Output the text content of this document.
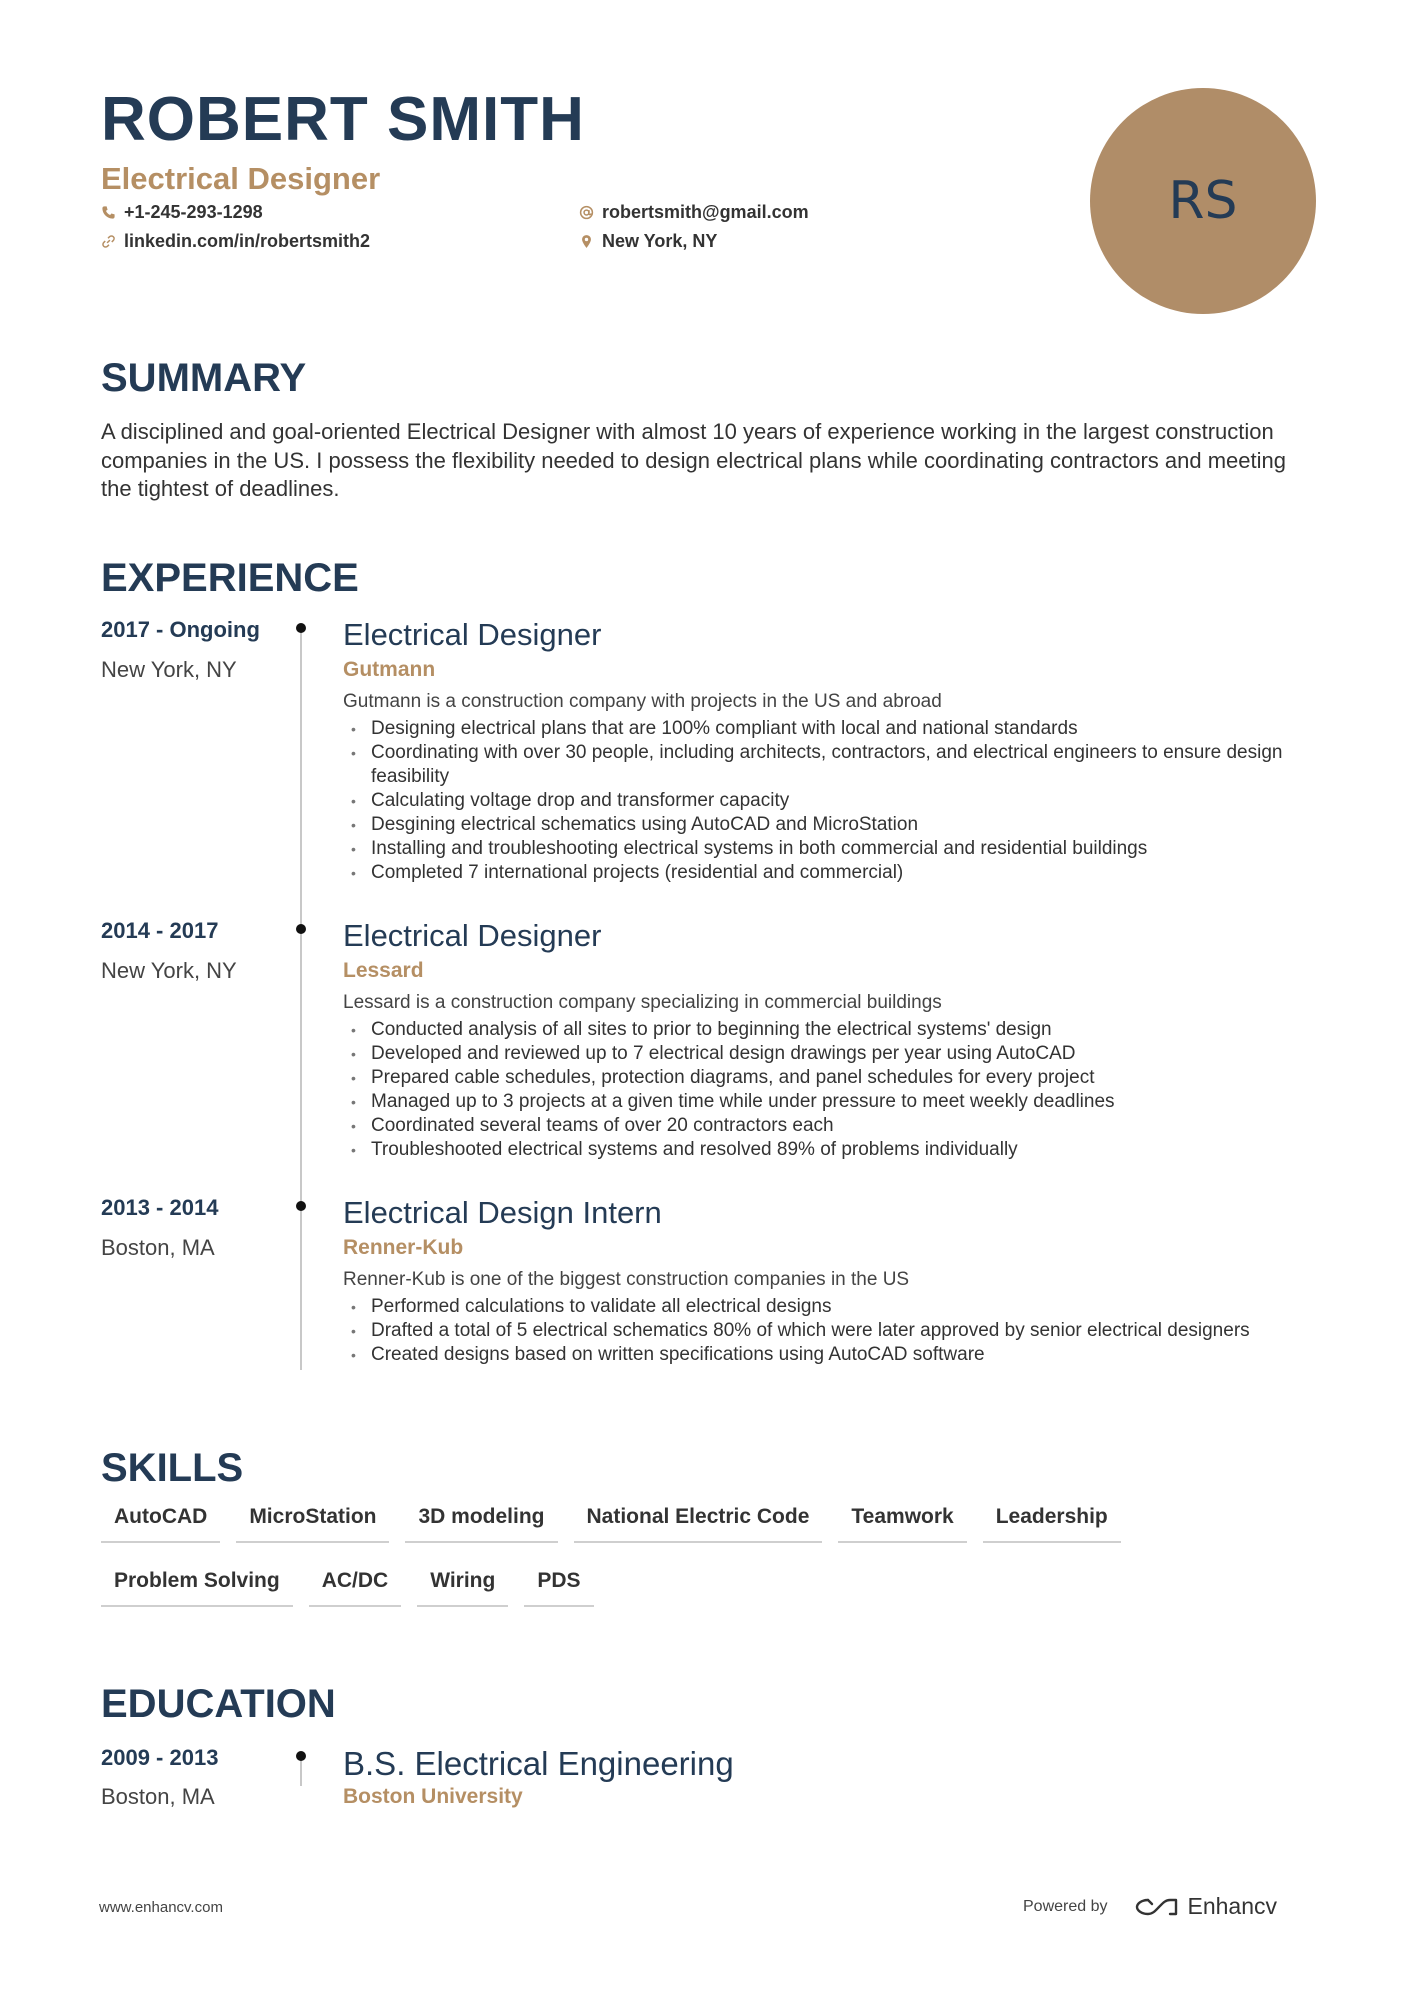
ROBERT SMITH
Electrical Designer
+1-245-293-1298	robertsmith@gmail.com
linkedin.com/in/robertsmith2	New York, NY
RS
SUMMARY
A disciplined and goal-oriented Electrical Designer with almost 10 years of experience working in the largest construction companies in the US. I possess the flexibility needed to design electrical plans while coordinating contractors and meeting the tightest of deadlines.
EXPERIENCE
2017 - Ongoing
New York, NY
Electrical Designer
Gutmann
Gutmann is a construction company with projects in the US and abroad
• Designing electrical plans that are 100% compliant with local and national standards
• Coordinating with over 30 people, including architects, contractors, and electrical engineers to ensure design feasibility
• Calculating voltage drop and transformer capacity
• Desgining electrical schematics using AutoCAD and MicroStation
• Installing and troubleshooting electrical systems in both commercial and residential buildings
• Completed 7 international projects (residential and commercial)
2014 - 2017
New York, NY
Electrical Designer
Lessard
Lessard is a construction company specializing in commercial buildings
• Conducted analysis of all sites to prior to beginning the electrical systems' design
• Developed and reviewed up to 7 electrical design drawings per year using AutoCAD
• Prepared cable schedules, protection diagrams, and panel schedules for every project
• Managed up to 3 projects at a given time while under pressure to meet weekly deadlines
• Coordinated several teams of over 20 contractors each
• Troubleshooted electrical systems and resolved 89% of problems individually
2013 - 2014
Boston, MA
Electrical Design Intern
Renner-Kub
Renner-Kub is one of the biggest construction companies in the US
• Performed calculations to validate all electrical designs
• Drafted a total of 5 electrical schematics 80% of which were later approved by senior electrical designers
• Created designs based on written specifications using AutoCAD software
SKILLS
AutoCAD	MicroStation	3D modeling	National Electric Code	Teamwork	Leadership
Problem Solving	AC/DC	Wiring	PDS
EDUCATION
2009 - 2013
Boston, MA
B.S. Electrical Engineering
Boston University
www.enhancv.com	Powered by	Enhancv
